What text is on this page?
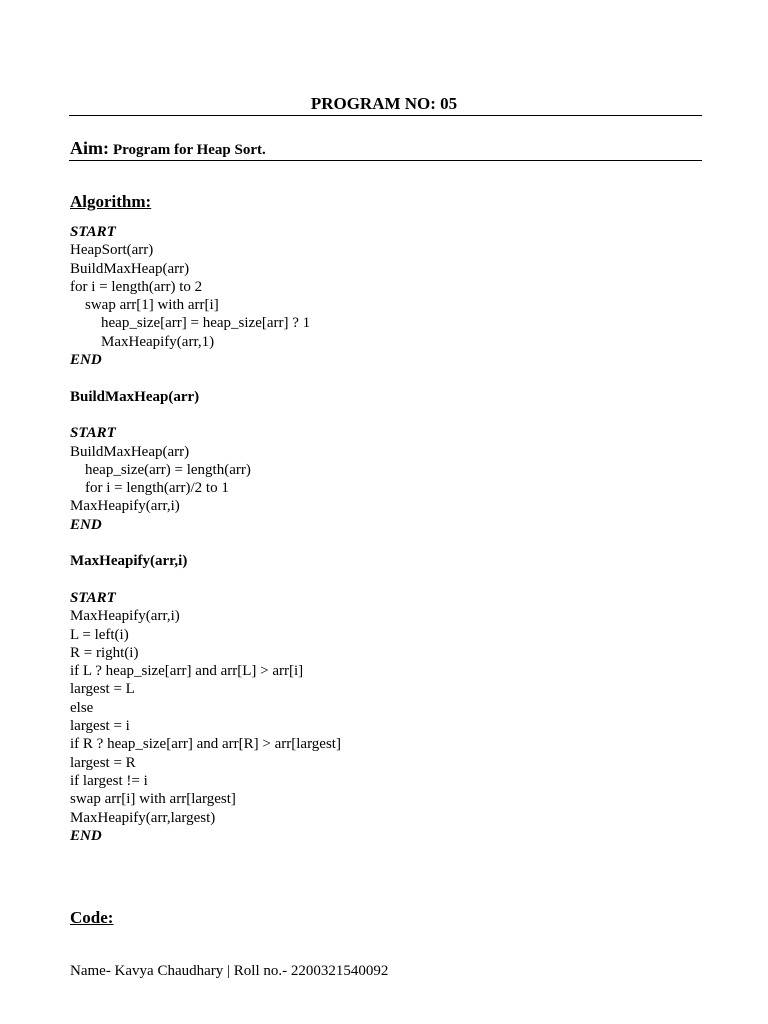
PROGRAM NO: 05
Aim: Program for Heap Sort.
Algorithm:
START
HeapSort(arr)
BuildMaxHeap(arr)
for i = length(arr) to 2
swap arr[1] with arr[i]
heap_size[arr] = heap_size[arr] ? 1
MaxHeapify(arr,1)
END
BuildMaxHeap(arr)
START
BuildMaxHeap(arr)
heap_size(arr) = length(arr)
for i = length(arr)/2 to 1
MaxHeapify(arr,i)
END
MaxHeapify(arr,i)
START
MaxHeapify(arr,i)
L = left(i)
R = right(i)
if L ? heap_size[arr] and arr[L] > arr[i]
largest = L
else
largest = i
if R ? heap_size[arr] and arr[R] > arr[largest]
largest = R
if largest != i
swap arr[i] with arr[largest]
MaxHeapify(arr,largest)
END
Code:
Name- Kavya Chaudhary | Roll no.- 2200321540092
